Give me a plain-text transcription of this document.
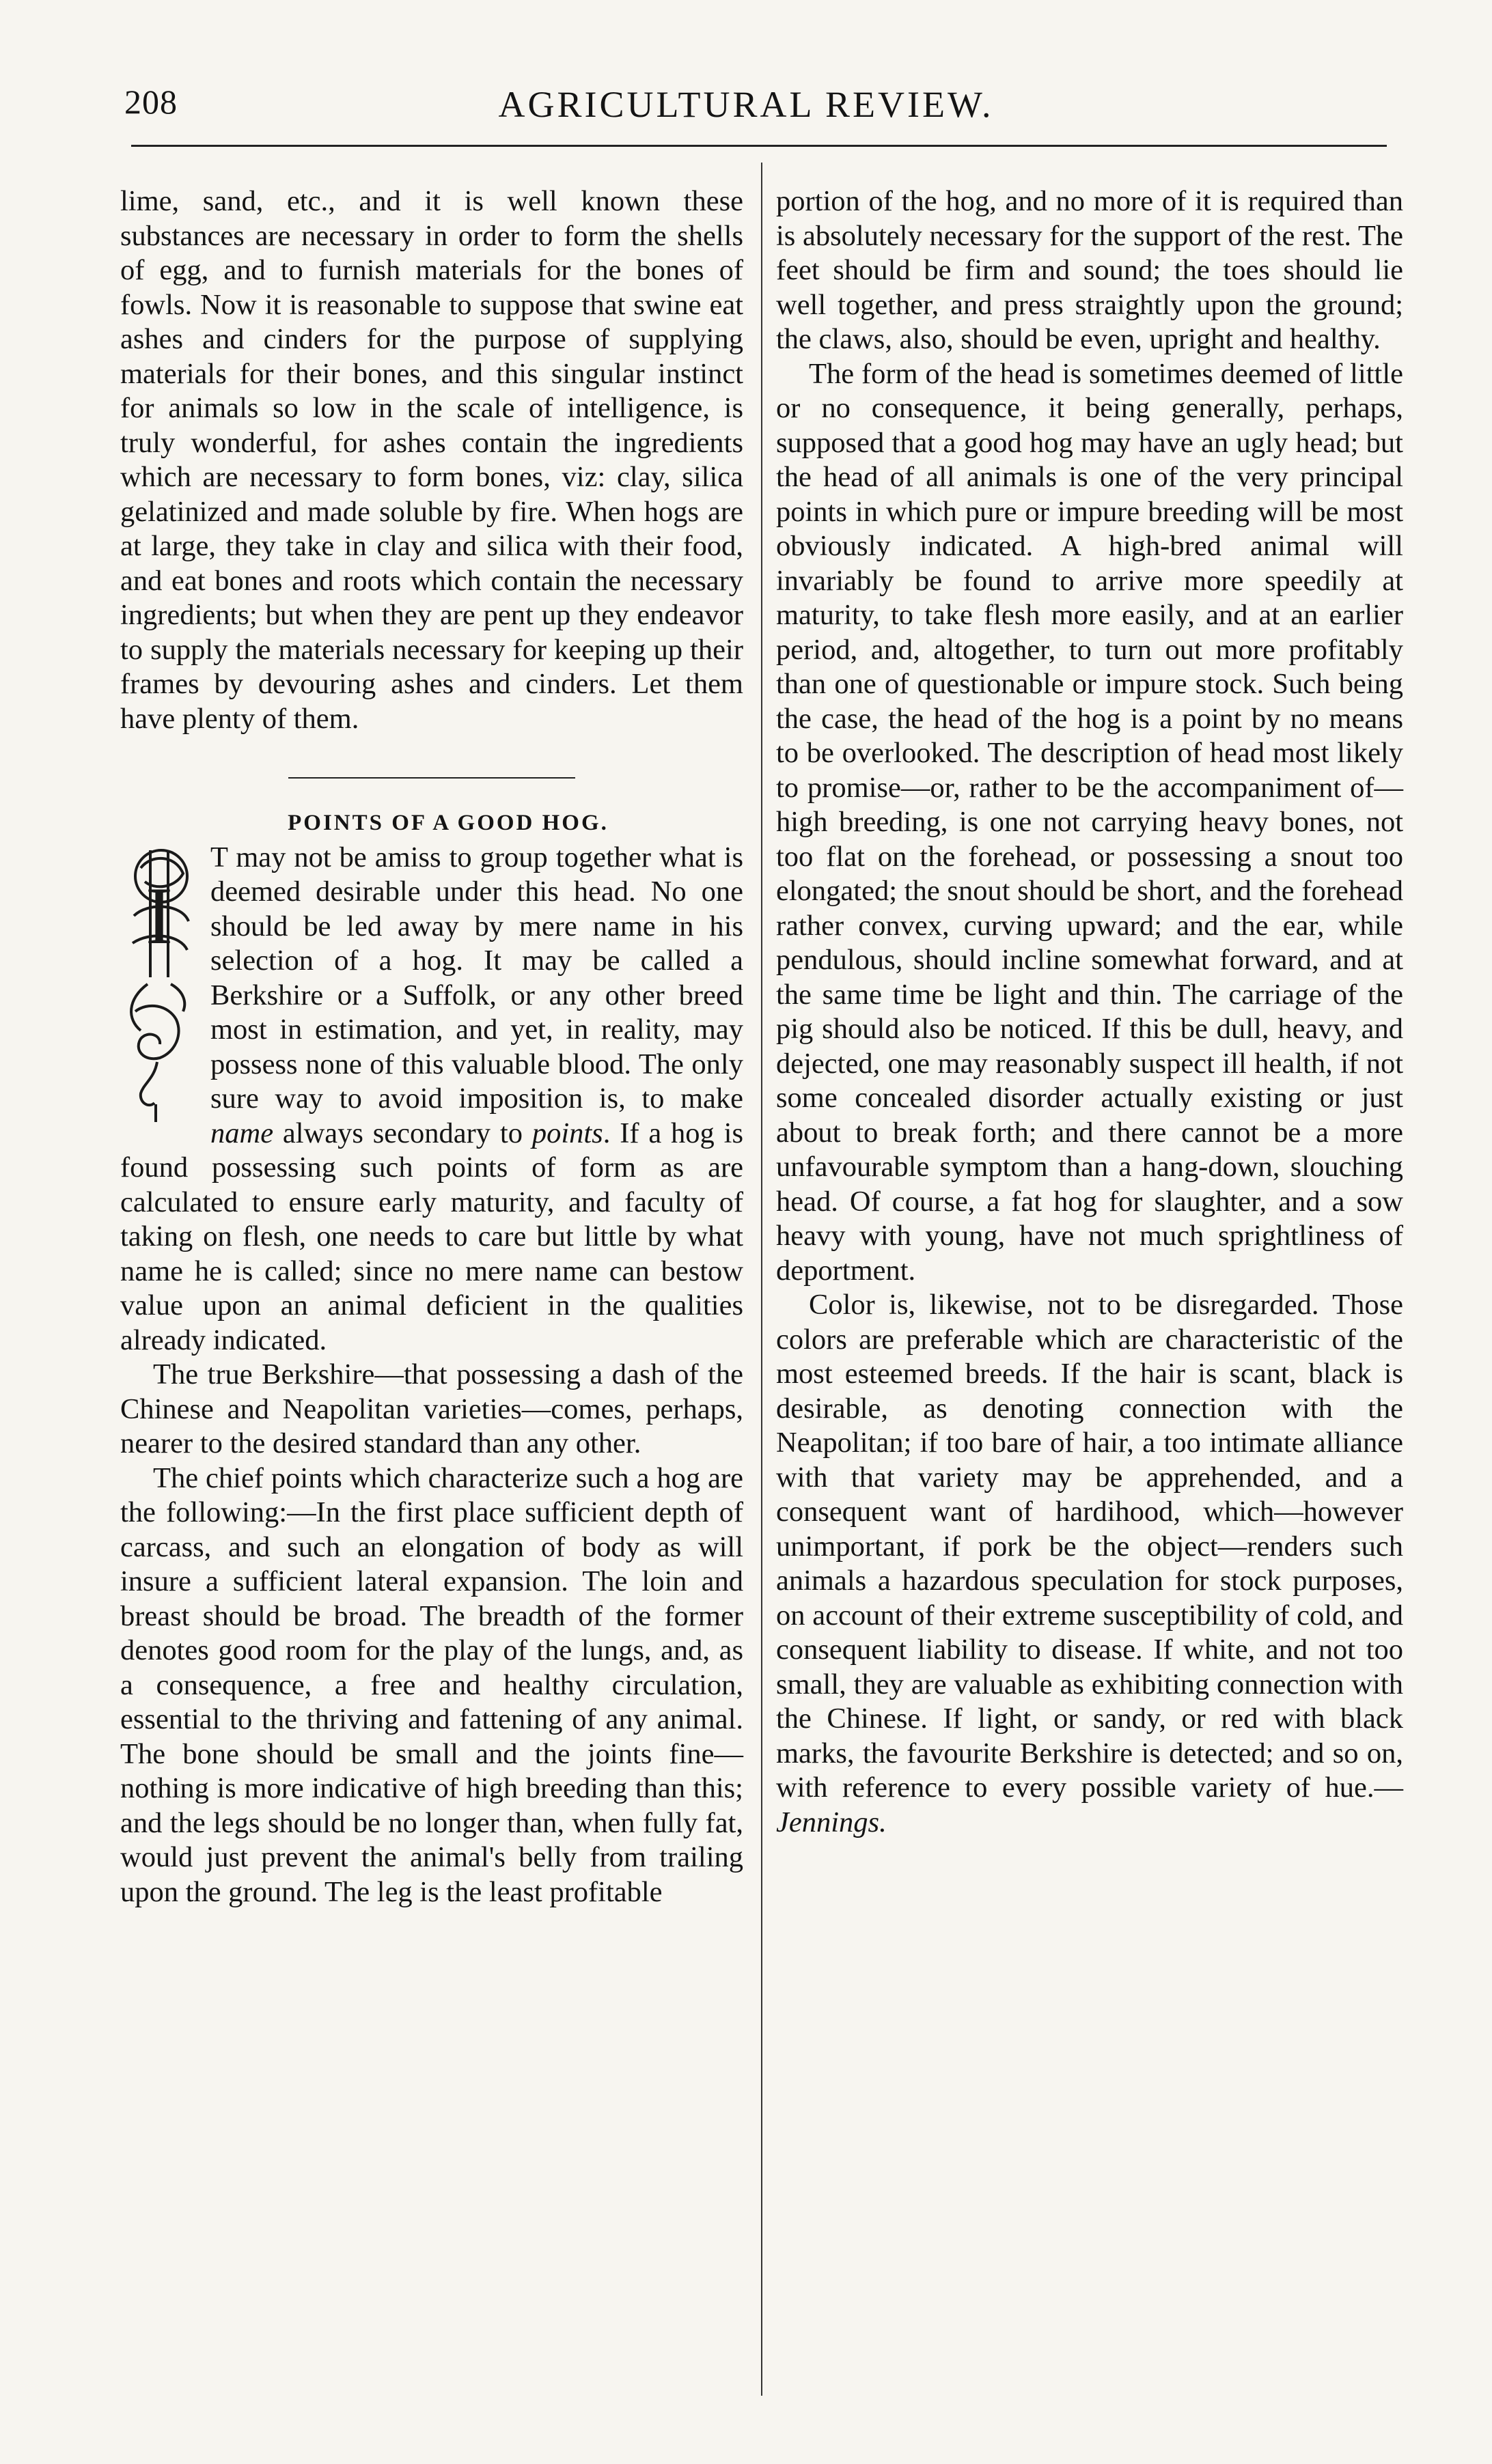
208	AGRICULTURAL REVIEW.

lime, sand, etc., and it is well known these substances are necessary in order to form the shells of egg, and to furnish materials for the bones of fowls. Now it is reasonable to suppose that swine eat ashes and cinders for the purpose of supplying materials for their bones, and this singular instinct for animals so low in the scale of intelligence, is truly wonderful, for ashes contain the ingredients which are necessary to form bones, viz: clay, silica gelatinized and made soluble by fire. When hogs are at large, they take in clay and silica with their food, and eat bones and roots which contain the necessary ingredients; but when they are pent up they endeavor to supply the materials necessary for keeping up their frames by devouring ashes and cinders. Let them have plenty of them.

POINTS OF A GOOD HOG.

I

T may not be amiss to group together what is deemed desirable under this head. No one should be led away by mere name in his selection of a hog. It may be called a Berkshire or a Suffolk, or any other breed most in estimation, and yet, in reality, may possess none of this valuable blood. The only sure way to avoid imposition is, to make name always secondary to points. If a hog is found possessing such points of form as are calculated to ensure early maturity, and faculty of taking on flesh, one needs to care but little by what name he is called; since no mere name can bestow value upon an animal deficient in the qualities already indicated.

The true Berkshire—that possessing a dash of the Chinese and Neapolitan varieties—comes, perhaps, nearer to the desired standard than any other.

The chief points which characterize such a hog are the following:—In the first place sufficient depth of carcass, and such an elongation of body as will insure a sufficient lateral expansion. The loin and breast should be broad. The breadth of the former denotes good room for the play of the lungs, and, as a consequence, a free and healthy circulation, essential to the thriving and fattening of any animal. The bone should be small and the joints fine—nothing is more indicative of high breeding than this; and the legs should be no longer than, when fully fat, would just prevent the animal's belly from trailing upon the ground. The leg is the least profitable

portion of the hog, and no more of it is required than is absolutely necessary for the support of the rest. The feet should be firm and sound; the toes should lie well together, and press straightly upon the ground; the claws, also, should be even, upright and healthy.

The form of the head is sometimes deemed of little or no consequence, it being generally, perhaps, supposed that a good hog may have an ugly head; but the head of all animals is one of the very principal points in which pure or impure breeding will be most obviously indicated. A high-bred animal will invariably be found to arrive more speedily at maturity, to take flesh more easily, and at an earlier period, and, altogether, to turn out more profitably than one of questionable or impure stock. Such being the case, the head of the hog is a point by no means to be overlooked. The description of head most likely to promise—or, rather to be the accompaniment of—high breeding, is one not carrying heavy bones, not too flat on the forehead, or possessing a snout too elongated; the snout should be short, and the forehead rather convex, curving upward; and the ear, while pendulous, should incline somewhat forward, and at the same time be light and thin. The carriage of the pig should also be noticed. If this be dull, heavy, and dejected, one may reasonably suspect ill health, if not some concealed disorder actually existing or just about to break forth; and there cannot be a more unfavourable symptom than a hang-down, slouching head. Of course, a fat hog for slaughter, and a sow heavy with young, have not much sprightliness of deportment.

Color is, likewise, not to be disregarded. Those colors are preferable which are characteristic of the most esteemed breeds. If the hair is scant, black is desirable, as denoting connection with the Neapolitan; if too bare of hair, a too intimate alliance with that variety may be apprehended, and a consequent want of hardihood, which—however unimportant, if pork be the object—renders such animals a hazardous speculation for stock purposes, on account of their extreme susceptibility of cold, and consequent liability to disease. If white, and not too small, they are valuable as exhibiting connection with the Chinese. If light, or sandy, or red with black marks, the favourite Berkshire is detected; and so on, with reference to every possible variety of hue.—Jennings.
